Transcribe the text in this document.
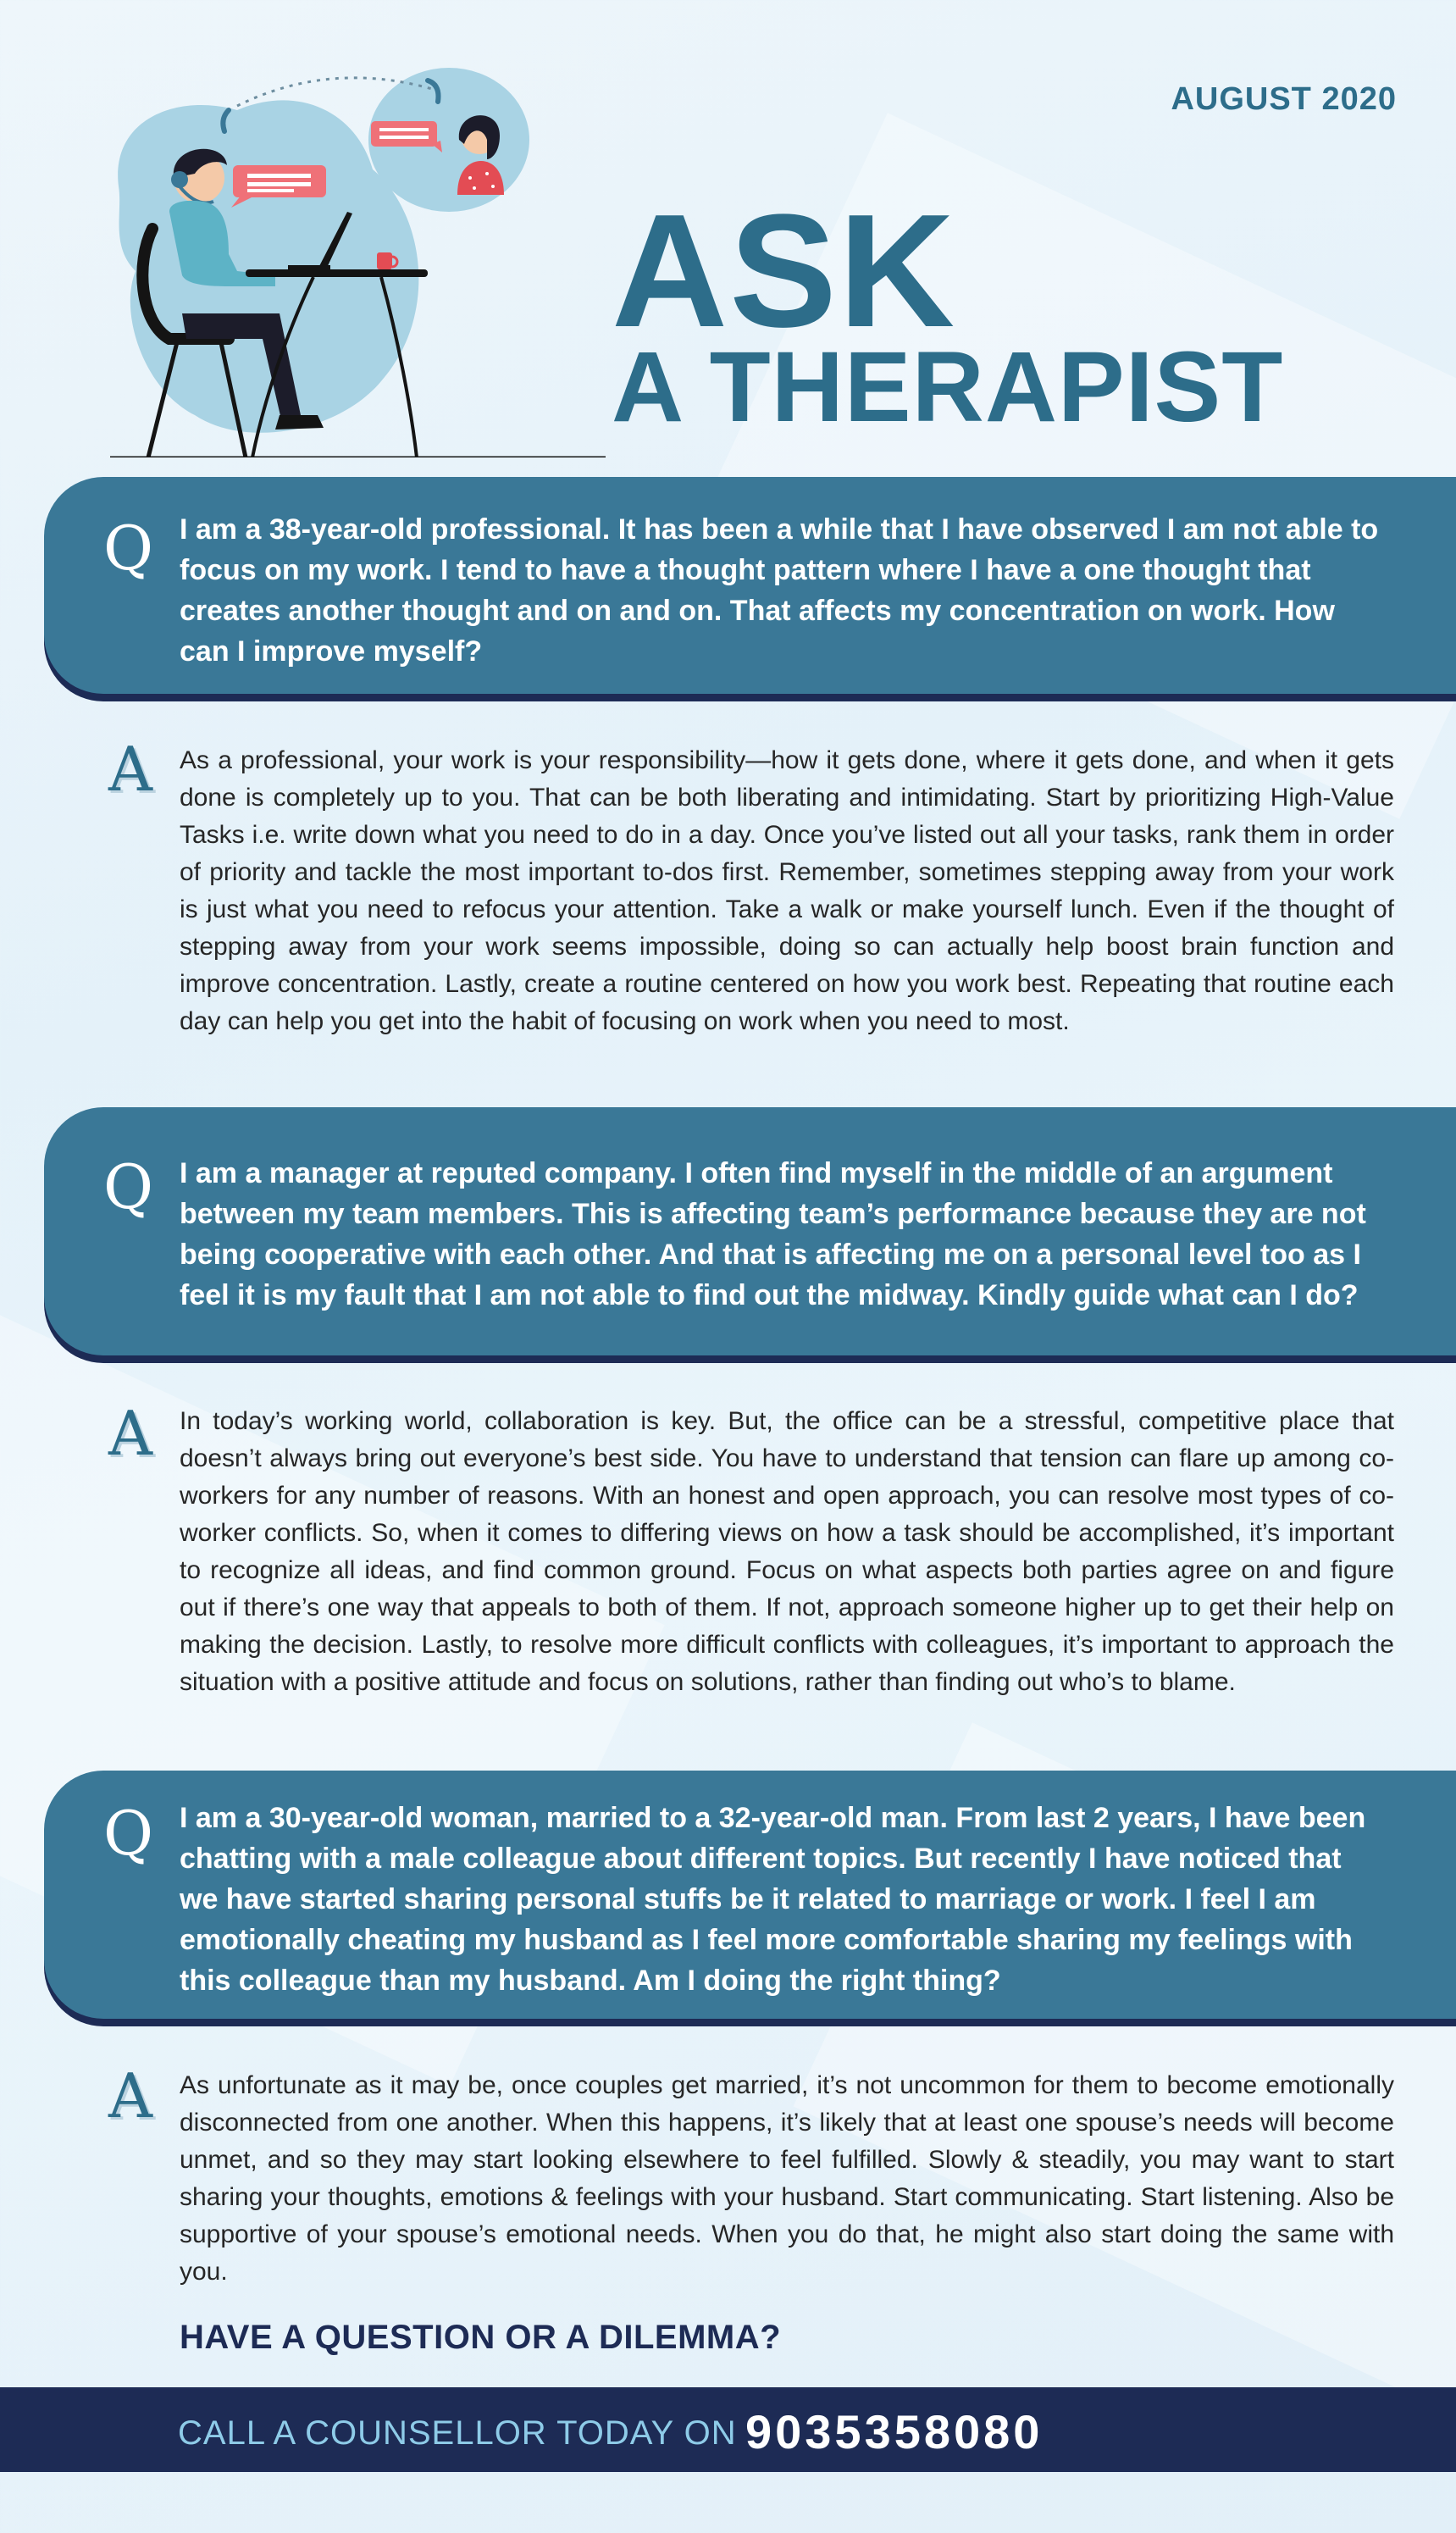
AUGUST 2020
ASK
A THERAPIST
Q I am a 38-year-old professional. It has been a while that I have observed I am not able to focus on my work. I tend to have a thought pattern where I have a one thought that creates another thought and on and on. That affects my concentration on work. How can I improve myself?
A As a professional, your work is your responsibility—how it gets done, where it gets done, and when it gets done is completely up to you. That can be both liberating and intimidating. Start by prioritizing High-Value Tasks i.e. write down what you need to do in a day. Once you’ve listed out all your tasks, rank them in order of priority and tackle the most important to-dos first. Remember, sometimes stepping away from your work is just what you need to refocus your attention. Take a walk or make yourself lunch. Even if the thought of stepping away from your work seems impossible, doing so can actually help boost brain function and improve concentration. Lastly, create a routine centered on how you work best. Repeating that routine each day can help you get into the habit of focusing on work when you need to most.
Q I am a manager at reputed company. I often find myself in the middle of an argument between my team members. This is affecting team’s performance because they are not being cooperative with each other. And that is affecting me on a personal level too as I feel it is my fault that I am not able to find out the midway. Kindly guide what can I do?
A In today’s working world, collaboration is key. But, the office can be a stressful, competitive place that doesn’t always bring out everyone’s best side. You have to understand that tension can flare up among co-workers for any number of reasons. With an honest and open approach, you can resolve most types of co-worker conflicts. So, when it comes to differing views on how a task should be accomplished, it’s important to recognize all ideas, and find common ground. Focus on what aspects both parties agree on and figure out if there’s one way that appeals to both of them. If not, approach someone higher up to get their help on making the decision. Lastly, to resolve more difficult conflicts with colleagues, it’s important to approach the situation with a positive attitude and focus on solutions, rather than finding out who’s to blame.
Q I am a 30-year-old woman, married to a 32-year-old man. From last 2 years, I have been chatting with a male colleague about different topics. But recently I have noticed that we have started sharing personal stuffs be it related to marriage or work. I feel I am emotionally cheating my husband as I feel more comfortable sharing my feelings with this colleague than my husband. Am I doing the right thing?
A As unfortunate as it may be, once couples get married, it’s not uncommon for them to become emotionally disconnected from one another. When this happens, it’s likely that at least one spouse’s needs will become unmet, and so they may start looking elsewhere to feel fulfilled. Slowly & steadily, you may want to start sharing your thoughts, emotions & feelings with your husband. Start communicating. Start listening. Also be supportive of your spouse’s emotional needs. When you do that, he might also start doing the same with you.
HAVE A QUESTION OR A DILEMMA?
CALL A COUNSELLOR TODAY ON 9035358080
